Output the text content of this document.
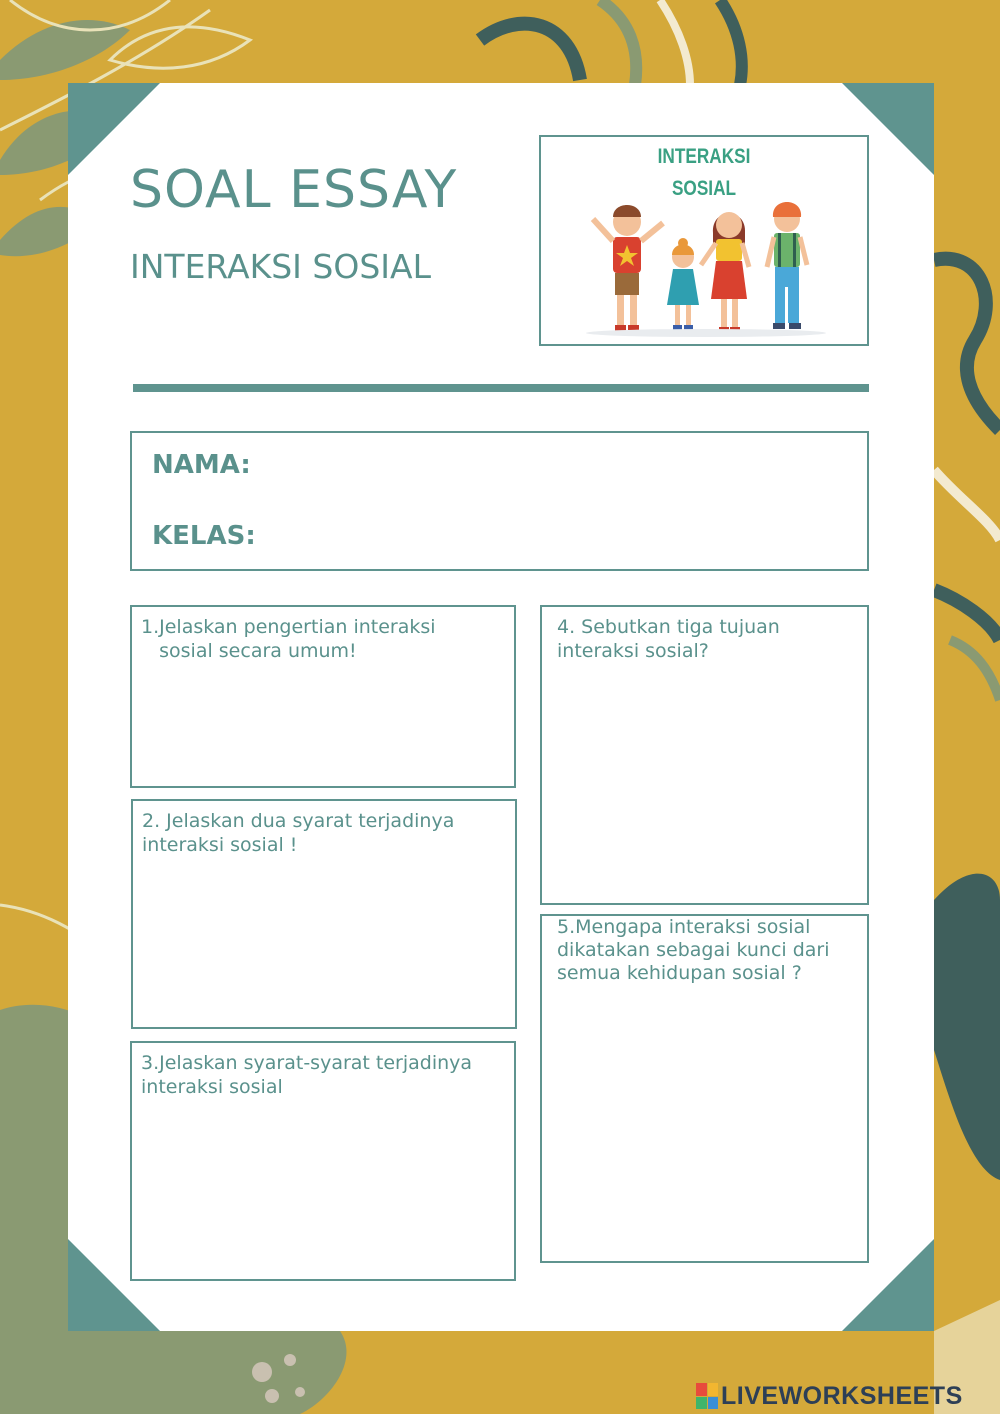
SOAL ESSAY
INTERAKSI SOSIAL
INTERAKSI
SOSIAL
NAMA:
KELAS:
1.Jelaskan pengertian interaksi
sosial secara umum!
2. Jelaskan dua syarat terjadinya
interaksi sosial !
3.Jelaskan syarat-syarat terjadinya
interaksi sosial
4. Sebutkan tiga tujuan
interaksi sosial?
5.Mengapa interaksi sosial
dikatakan sebagai kunci dari
semua kehidupan sosial ?
LIVEWORKSHEETS
